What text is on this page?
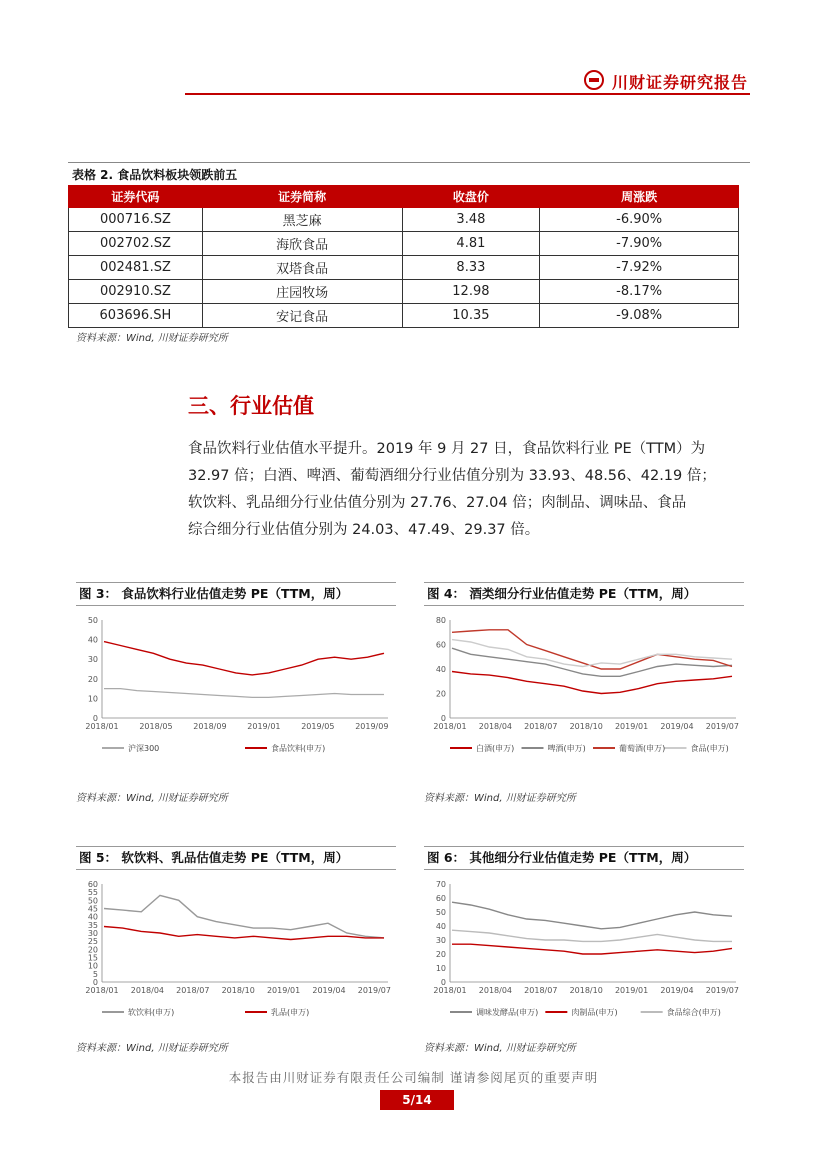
川财证券研究报告
表格 2. 食品饮料板块领跌前五
证券代码	证券简称	收盘价	周涨跌
000716.SZ	黑芝麻	3.48	-6.90%
002702.SZ	海欣食品	4.81	-7.90%
002481.SZ	双塔食品	8.33	-7.92%
002910.SZ	庄园牧场	12.98	-8.17%
603696.SH	安记食品	10.35	-9.08%
资料来源：Wind, 川财证券研究所
三、行业估值
食品饮料行业估值水平提升。2019 年 9 月 27 日，食品饮料行业 PE（TTM）为
32.97 倍；白酒、啤酒、葡萄酒细分行业估值分别为 33.93、48.56、42.19 倍；
软饮料、乳品细分行业估值分别为 27.76、27.04 倍；肉制品、调味品、食品
综合细分行业估值分别为 24.03、47.49、29.37 倍。
图 3： 食品饮料行业估值走势 PE（TTM，周）
0
10
20
30
40
50
2018/01	2018/05	2018/09	2019/01	2019/05	2019/09
沪深300	食品饮料(申万)
资料来源：Wind, 川财证券研究所
图 4： 酒类细分行业估值走势 PE（TTM，周）
0
20
40
60
80
2018/01 2018/04 2018/07 2018/10 2019/01 2019/04 2019/07
白酒(申万)	啤酒(申万)	葡萄酒(申万)	食品(申万)
资料来源：Wind, 川财证券研究所
图 5： 软饮料、乳品估值走势 PE（TTM，周）
0
5
10
15
20
25
30
35
40
45
50
55
60
2018/01 2018/04 2018/07 2018/10 2019/01 2019/04 2019/07
软饮料(申万)	乳品(申万)
资料来源：Wind, 川财证券研究所
图 6： 其他细分行业估值走势 PE（TTM，周）
0
10
20
30
40
50
60
70
2018/01 2018/04 2018/07 2018/10 2019/01 2019/04 2019/07
调味发酵品(申万)	肉制品(申万)	食品综合(申万)
资料来源：Wind, 川财证券研究所
本报告由川财证券有限责任公司编制 谨请参阅尾页的重要声明
5/14
